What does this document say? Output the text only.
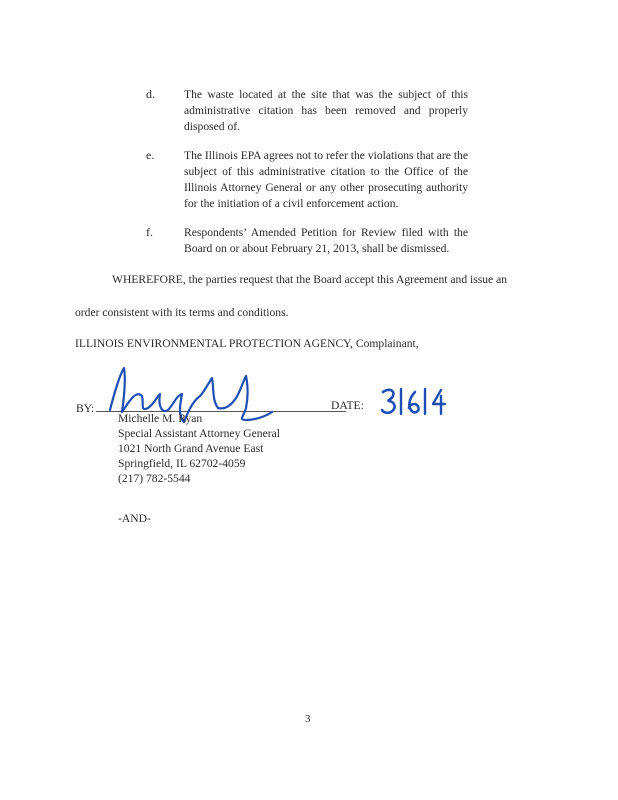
d.	The waste located at the site that was the subject of this administrative citation has been removed and properly disposed of.
e.	The Illinois EPA agrees not to refer the violations that are the subject of this administrative citation to the Office of the Illinois Attorney General or any other prosecuting authority for the initiation of a civil enforcement action.
f.	Respondents’ Amended Petition for Review filed with the Board on or about February 21, 2013, shall be dismissed.
WHEREFORE, the parties request that the Board accept this Agreement and issue an
order consistent with its terms and conditions.
ILLINOIS ENVIRONMENTAL PROTECTION AGENCY, Complainant,
BY:	DATE:
Michelle M. Ryan
Special Assistant Attorney General
1021 North Grand Avenue East
Springfield, IL 62702-4059
(217) 782-5544
-AND-
3
